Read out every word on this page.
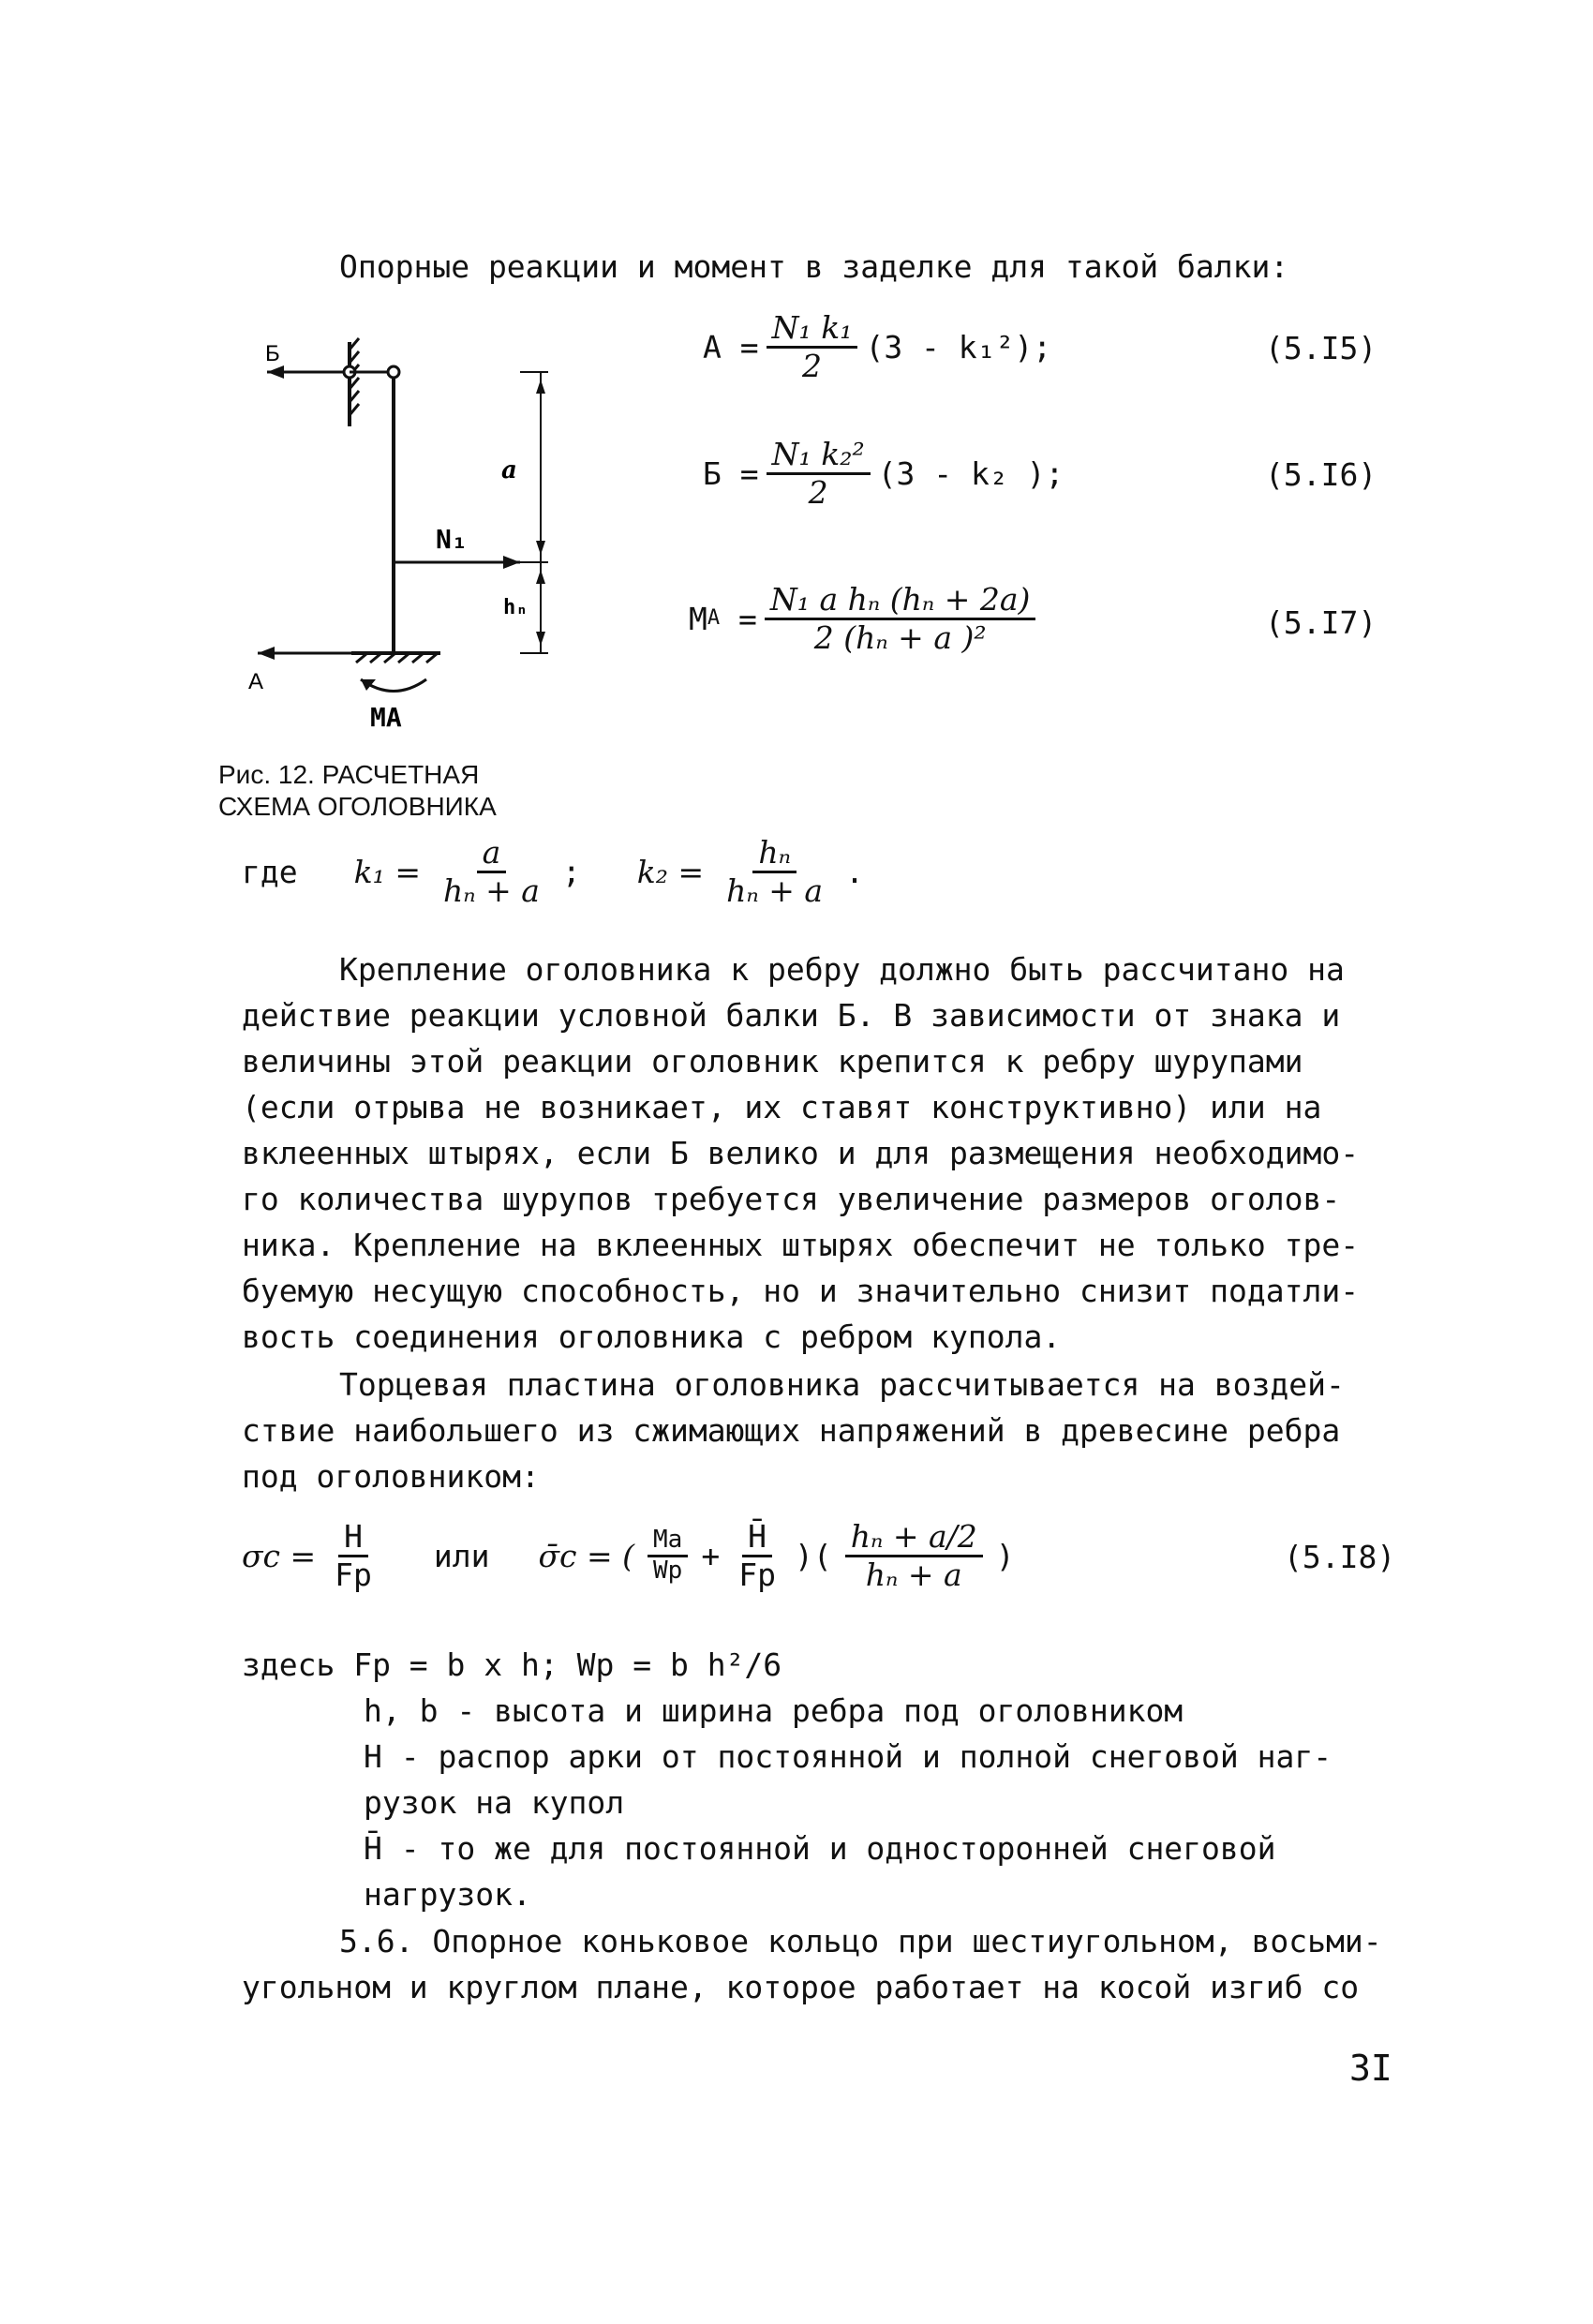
Опорные реакции и момент в заделке для такой балки:
Б
A
a
N₁
hₙ
MA
Рис. 12. РАСЧЕТНАЯ
СХЕМА ОГОЛОВНИКА
$A = \frac{\text{N₁ k₁}}{2} (3 - k_1^2)$;	(5.I5)
$Б = \frac{\text{N₁ k₂²}}{2} (3 - k_2$ );	(5.I6)
M $A = \frac{\text{N₁ a hₙ (hₙ + 2a)}}{\text{2 (hₙ + a )²}}$	(5.I7)
где $k_1 = \frac{a}{\text{hₙ + a}}$ ; $k_2 = \frac{\text{hₙ}}{\text{hₙ + a}}$ .

Крепление оголовника к ребру должно быть рассчитано на

действие реакции условной балки Б. В зависимости от знака и

величины этой реакции оголовник крепится к ребру шурупами

(если отрыва не возникает, их ставят конструктивно) или на

вклеенных штырях, если Б велико и для размещения необходимо-

го количества шурупов требуется увеличение размеров оголов-

ника. Крепление на вклеенных штырях обеспечит не только тре-

буемую несущую способность, но и значительно снизит податли-

вость соединения оголовника с ребром купола.

Торцевая пластина оголовника рассчитывается на воздей-

ствие наибольшего из сжимающих напряжений в древесине ребра

под оголовником:

$\sigma c = \frac{H}{Fp}$ или σ̄c = ( $\frac{Ma}{Wp} + \frac{H̄}{Fp}$ )( $\frac{\text{hₙ + a/2}}{\text{hₙ + a}}$ )	(5.I8)
здесь Fp = b x h; Wp = b h²/6
h, b - высота и ширина ребра под оголовником
H - распор арки от постоянной и полной снеговой наг-
рузок на купол
H̄ - то же для постоянной и односторонней снеговой
нагрузок.

5.6. Опорное коньковое кольцо при шестиугольном, восьми-

угольном и круглом плане, которое работает на косой изгиб со

3I
